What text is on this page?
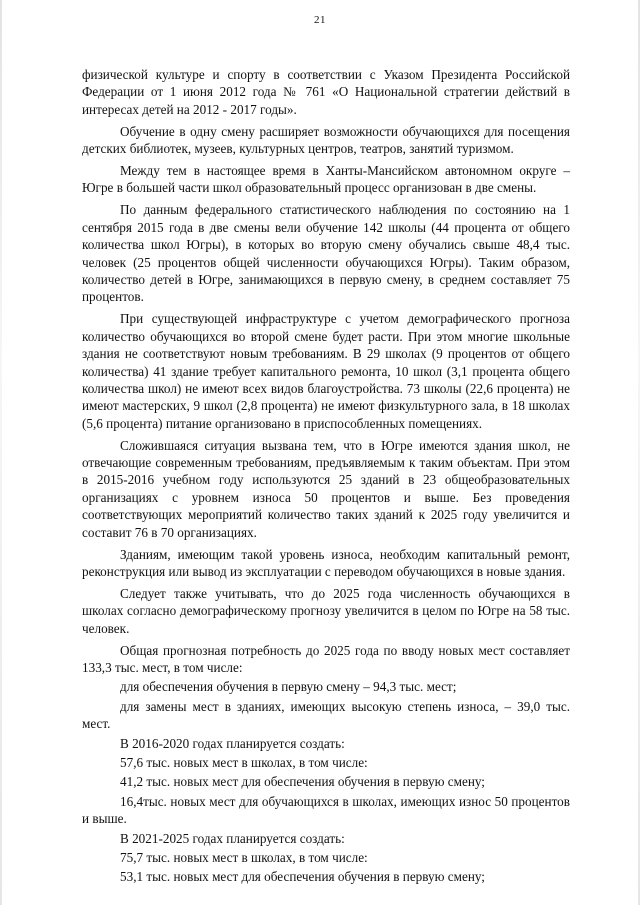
21

физической культуре и спорту в соответствии с Указом Президента Российской Федерации от 1 июня 2012 года № 761 «О Национальной стратегии действий в интересах детей на 2012 - 2017 годы».

Обучение в одну смену расширяет возможности обучающихся для посещения детских библиотек, музеев, культурных центров, театров, занятий туризмом.

Между тем в настоящее время в Ханты-Мансийском автономном округе – Югре в большей части школ образовательный процесс организован в две смены.

По данным федерального статистического наблюдения по состоянию на 1 сентября 2015 года в две смены вели обучение 142 школы (44 процента от общего количества школ Югры), в которых во вторую смену обучались свыше 48,4 тыс. человек (25 процентов общей численности обучающихся Югры). Таким образом, количество детей в Югре, занимающихся в первую смену, в среднем составляет 75 процентов.

При существующей инфраструктуре с учетом демографического прогноза количество обучающихся во второй смене будет расти. При этом многие школьные здания не соответствуют новым требованиям. В 29 школах (9 процентов от общего количества) 41 здание требует капитального ремонта, 10 школ (3,1 процента общего количества школ) не имеют всех видов благоустройства. 73 школы (22,6 процента) не имеют мастерских, 9 школ (2,8 процента) не имеют физкультурного зала, в 18 школах (5,6 процента) питание организовано в приспособленных помещениях.

Сложившаяся ситуация вызвана тем, что в Югре имеются здания школ, не отвечающие современным требованиям, предъявляемым к таким объектам. При этом в 2015-2016 учебном году используются 25 зданий в 23 общеобразовательных организациях с уровнем износа 50 процентов и выше. Без проведения соответствующих мероприятий количество таких зданий к 2025 году увеличится и составит 76 в 70 организациях.

Зданиям, имеющим такой уровень износа, необходим капитальный ремонт, реконструкция или вывод из эксплуатации с переводом обучающихся в новые здания.

Следует также учитывать, что до 2025 года численность обучающихся в школах согласно демографическому прогнозу увеличится в целом по Югре на 58 тыс. человек.

Общая прогнозная потребность до 2025 года по вводу новых мест составляет 133,3 тыс. мест, в том числе:

для обеспечения обучения в первую смену – 94,3 тыс. мест;

для замены мест в зданиях, имеющих высокую степень износа, – 39,0 тыс. мест.

В 2016-2020 годах планируется создать:

57,6 тыс. новых мест в школах, в том числе:

41,2 тыс. новых мест для обеспечения обучения в первую смену;

16,4тыс. новых мест для обучающихся в школах, имеющих износ 50 процентов и выше.

В 2021-2025 годах планируется создать:

75,7 тыс. новых мест в школах, в том числе:

53,1 тыс. новых мест для обеспечения обучения в первую смену;
